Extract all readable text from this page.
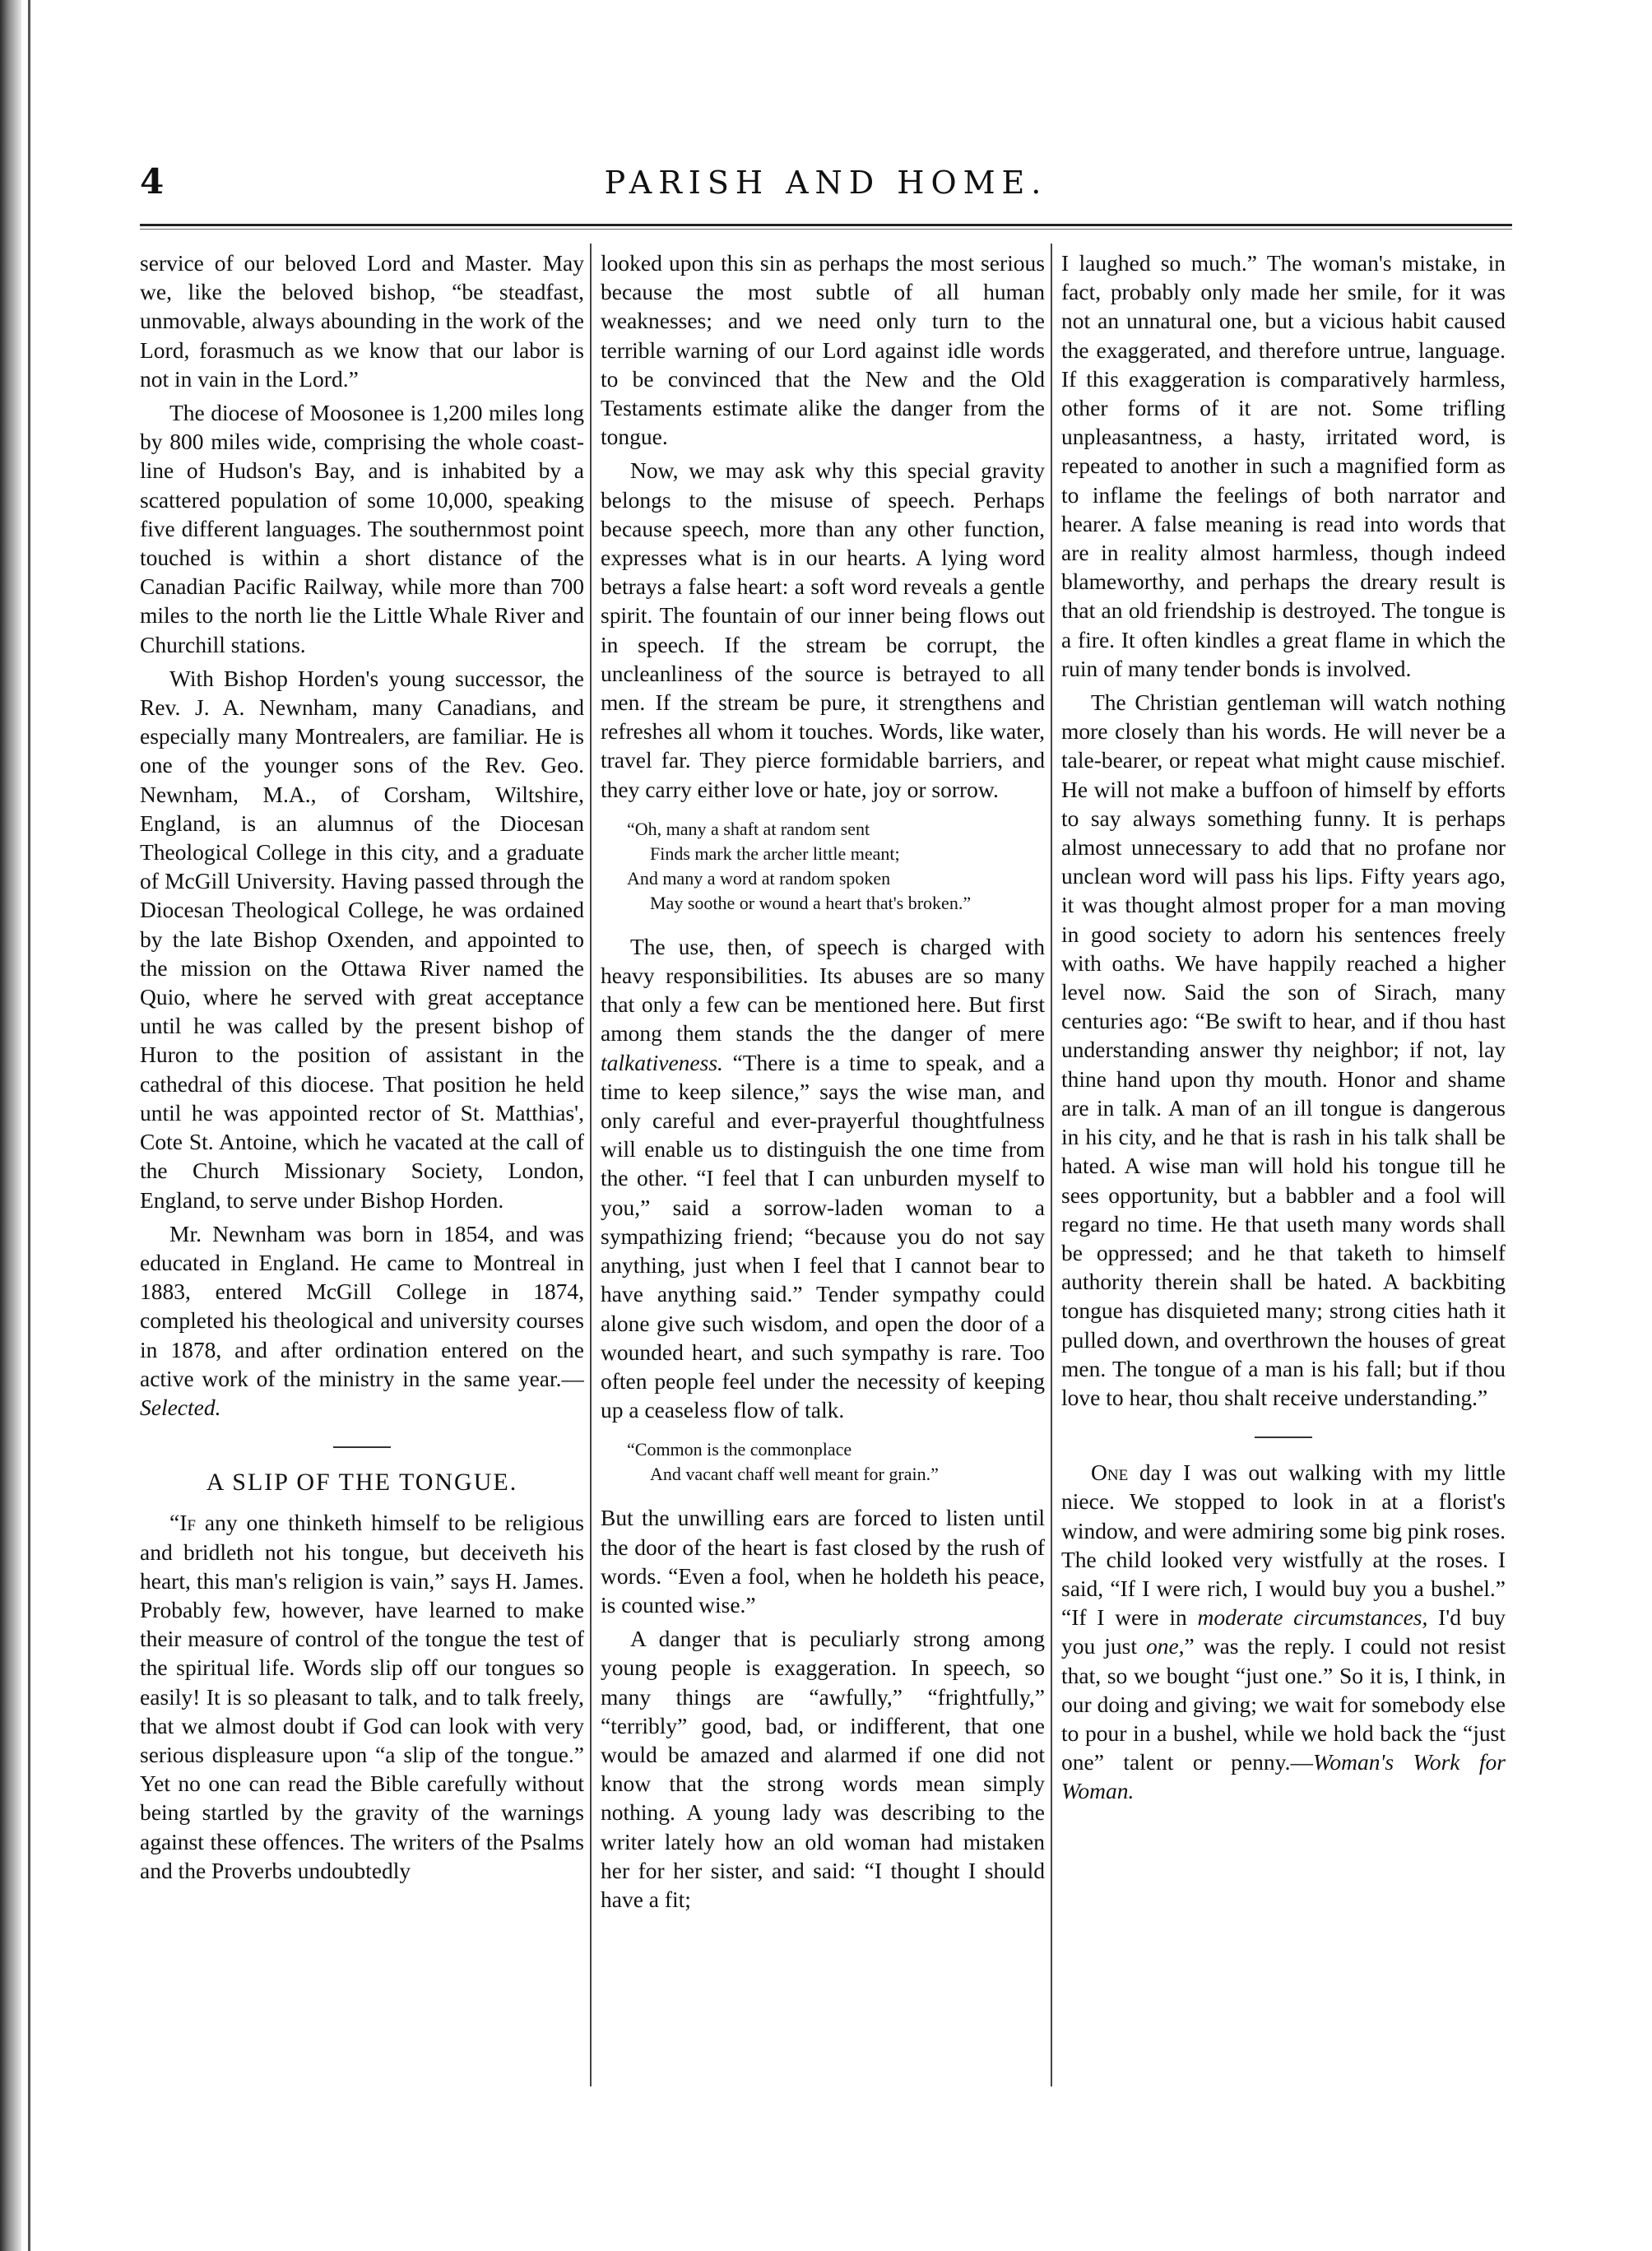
4	PARISH AND HOME.

service of our beloved Lord and Master. May we, like the beloved bishop, “be steadfast, unmovable, always abounding in the work of the Lord, forasmuch as we know that our labor is not in vain in the Lord.”

The diocese of Moosonee is 1,200 miles long by 800 miles wide, comprising the whole coast-line of Hudson's Bay, and is inhabited by a scattered population of some 10,000, speaking five different languages. The southernmost point touched is within a short distance of the Canadian Pacific Railway, while more than 700 miles to the north lie the Little Whale River and Churchill stations.

With Bishop Horden's young successor, the Rev. J. A. Newnham, many Canadians, and especially many Montrealers, are familiar. He is one of the younger sons of the Rev. Geo. Newnham, M.A., of Corsham, Wiltshire, England, is an alumnus of the Diocesan Theological College in this city, and a graduate of McGill University. Having passed through the Diocesan Theological College, he was ordained by the late Bishop Oxenden, and appointed to the mission on the Ottawa River named the Quio, where he served with great acceptance until he was called by the present bishop of Huron to the position of assistant in the cathedral of this diocese. That position he held until he was appointed rector of St. Matthias', Cote St. Antoine, which he vacated at the call of the Church Missionary Society, London, England, to serve under Bishop Horden.

Mr. Newnham was born in 1854, and was educated in England. He came to Montreal in 1883, entered McGill College in 1874, completed his theological and university courses in 1878, and after ordination entered on the active work of the ministry in the same year.—Selected.

A SLIP OF THE TONGUE.

“If any one thinketh himself to be religious and bridleth not his tongue, but deceiveth his heart, this man's religion is vain,” says H. James. Probably few, however, have learned to make their measure of control of the tongue the test of the spiritual life. Words slip off our tongues so easily! It is so pleasant to talk, and to talk freely, that we almost doubt if God can look with very serious displeasure upon “a slip of the tongue.” Yet no one can read the Bible carefully without being startled by the gravity of the warnings against these offences. The writers of the Psalms and the Proverbs undoubtedly

looked upon this sin as perhaps the most serious because the most subtle of all human weaknesses; and we need only turn to the terrible warning of our Lord against idle words to be convinced that the New and the Old Testaments estimate alike the danger from the tongue.

Now, we may ask why this special gravity belongs to the misuse of speech. Perhaps because speech, more than any other function, expresses what is in our hearts. A lying word betrays a false heart: a soft word reveals a gentle spirit. The fountain of our inner being flows out in speech. If the stream be corrupt, the uncleanliness of the source is betrayed to all men. If the stream be pure, it strengthens and refreshes all whom it touches. Words, like water, travel far. They pierce formidable barriers, and they carry either love or hate, joy or sorrow.

“Oh, many a shaft at random sent
Finds mark the archer little meant;
And many a word at random spoken
May soothe or wound a heart that's broken.”

The use, then, of speech is charged with heavy responsibilities. Its abuses are so many that only a few can be mentioned here. But first among them stands the the danger of mere talkativeness. “There is a time to speak, and a time to keep silence,” says the wise man, and only careful and ever-prayerful thoughtfulness will enable us to distinguish the one time from the other. “I feel that I can unburden myself to you,” said a sorrow-laden woman to a sympathizing friend; “because you do not say anything, just when I feel that I cannot bear to have anything said.” Tender sympathy could alone give such wisdom, and open the door of a wounded heart, and such sympathy is rare. Too often people feel under the necessity of keeping up a ceaseless flow of talk.

“Common is the commonplace
And vacant chaff well meant for grain.”

But the unwilling ears are forced to listen until the door of the heart is fast closed by the rush of words. “Even a fool, when he holdeth his peace, is counted wise.”

A danger that is peculiarly strong among young people is exaggeration. In speech, so many things are “awfully,” “frightfully,” “terribly” good, bad, or indifferent, that one would be amazed and alarmed if one did not know that the strong words mean simply nothing. A young lady was describing to the writer lately how an old woman had mistaken her for her sister, and said: “I thought I should have a fit;

I laughed so much.” The woman's mistake, in fact, probably only made her smile, for it was not an unnatural one, but a vicious habit caused the exaggerated, and therefore untrue, language. If this exaggeration is comparatively harmless, other forms of it are not. Some trifling unpleasantness, a hasty, irritated word, is repeated to another in such a magnified form as to inflame the feelings of both narrator and hearer. A false meaning is read into words that are in reality almost harmless, though indeed blameworthy, and perhaps the dreary result is that an old friendship is destroyed. The tongue is a fire. It often kindles a great flame in which the ruin of many tender bonds is involved.

The Christian gentleman will watch nothing more closely than his words. He will never be a tale-bearer, or repeat what might cause mischief. He will not make a buffoon of himself by efforts to say always something funny. It is perhaps almost unnecessary to add that no profane nor unclean word will pass his lips. Fifty years ago, it was thought almost proper for a man moving in good society to adorn his sentences freely with oaths. We have happily reached a higher level now. Said the son of Sirach, many centuries ago: “Be swift to hear, and if thou hast understanding answer thy neighbor; if not, lay thine hand upon thy mouth. Honor and shame are in talk. A man of an ill tongue is dangerous in his city, and he that is rash in his talk shall be hated. A wise man will hold his tongue till he sees opportunity, but a babbler and a fool will regard no time. He that useth many words shall be oppressed; and he that taketh to himself authority therein shall be hated. A backbiting tongue has disquieted many; strong cities hath it pulled down, and overthrown the houses of great men. The tongue of a man is his fall; but if thou love to hear, thou shalt receive understanding.”

One day I was out walking with my little niece. We stopped to look in at a florist's window, and were admiring some big pink roses. The child looked very wistfully at the roses. I said, “If I were rich, I would buy you a bushel.” “If I were in moderate circumstances, I'd buy you just one,” was the reply. I could not resist that, so we bought “just one.” So it is, I think, in our doing and giving; we wait for somebody else to pour in a bushel, while we hold back the “just one” talent or penny.—Woman's Work for Woman.
